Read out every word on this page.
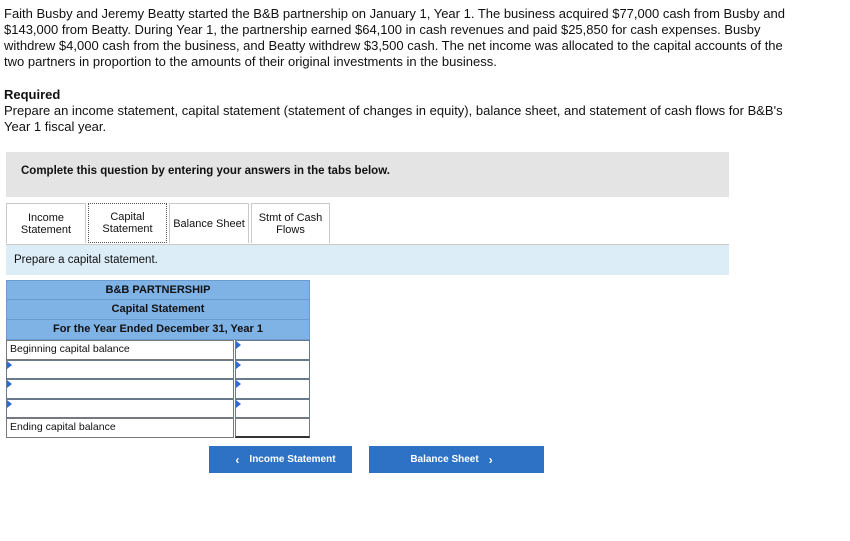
Faith Busby and Jeremy Beatty started the B&B partnership on January 1, Year 1. The business acquired $77,000 cash from Busby and $143,000 from Beatty. During Year 1, the partnership earned $64,100 in cash revenues and paid $25,850 for cash expenses. Busby withdrew $4,000 cash from the business, and Beatty withdrew $3,500 cash. The net income was allocated to the capital accounts of the two partners in proportion to the amounts of their original investments in the business.
Required
Prepare an income statement, capital statement (statement of changes in equity), balance sheet, and statement of cash flows for B&B's Year 1 fiscal year.
Complete this question by entering your answers in the tabs below.
Income
Statement
Capital
Statement Balance Sheet Stmt of Cash
Flows
Prepare a capital statement.
B&B PARTNERSHIP
Capital Statement
For the Year Ended December 31, Year 1
Beginning capital balance
Ending capital balance
‹ Income Statement	Balance Sheet ›
